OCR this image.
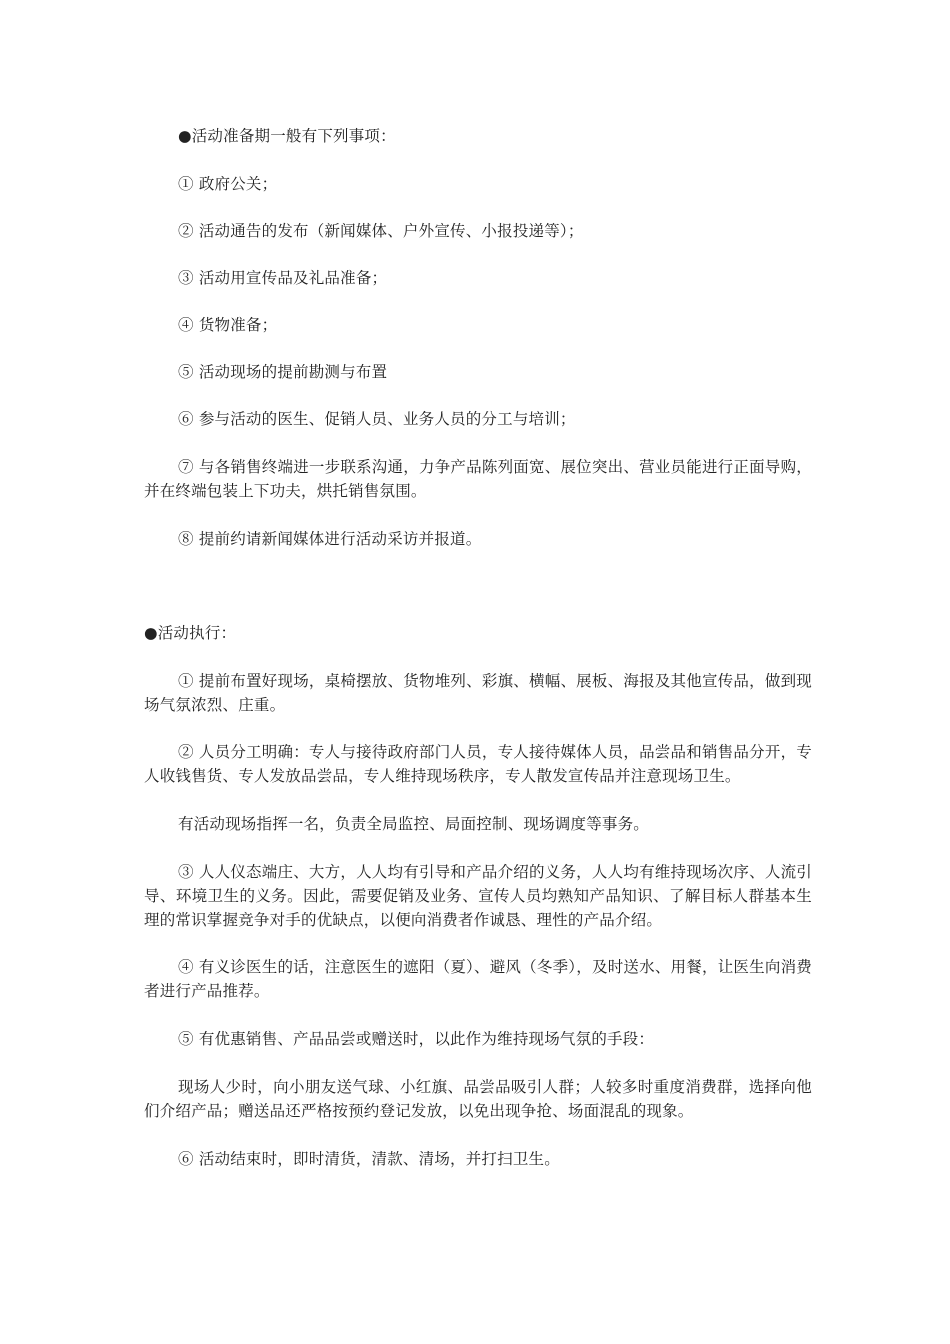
●活动准备期一般有下列事项：
① 政府公关；
② 活动通告的发布（新闻媒体、户外宣传、小报投递等）；
③ 活动用宣传品及礼品准备；
④ 货物准备；
⑤ 活动现场的提前勘测与布置
⑥ 参与活动的医生、促销人员、业务人员的分工与培训；
⑦ 与各销售终端进一步联系沟通，力争产品陈列面宽、展位突出、营业员能进行正面导购，并在终端包装上下功夫，烘托销售氛围。
⑧ 提前约请新闻媒体进行活动采访并报道。
●活动执行：
① 提前布置好现场，桌椅摆放、货物堆列、彩旗、横幅、展板、海报及其他宣传品，做到现场气氛浓烈、庄重。
② 人员分工明确：专人与接待政府部门人员，专人接待媒体人员，品尝品和销售品分开，专人收钱售货、专人发放品尝品，专人维持现场秩序，专人散发宣传品并注意现场卫生。
有活动现场指挥一名，负责全局监控、局面控制、现场调度等事务。
③ 人人仪态端庄、大方，人人均有引导和产品介绍的义务，人人均有维持现场次序、人流引导、环境卫生的义务。因此，需要促销及业务、宣传人员均熟知产品知识、了解目标人群基本生理的常识掌握竞争对手的优缺点，以便向消费者作诚恳、理性的产品介绍。
④ 有义诊医生的话，注意医生的遮阳（夏）、避风（冬季），及时送水、用餐，让医生向消费者进行产品推荐。
⑤ 有优惠销售、产品品尝或赠送时，以此作为维持现场气氛的手段：
现场人少时，向小朋友送气球、小红旗、品尝品吸引人群；人较多时重度消费群，选择向他们介绍产品；赠送品还严格按预约登记发放，以免出现争抢、场面混乱的现象。
⑥ 活动结束时，即时清货，清款、清场，并打扫卫生。
